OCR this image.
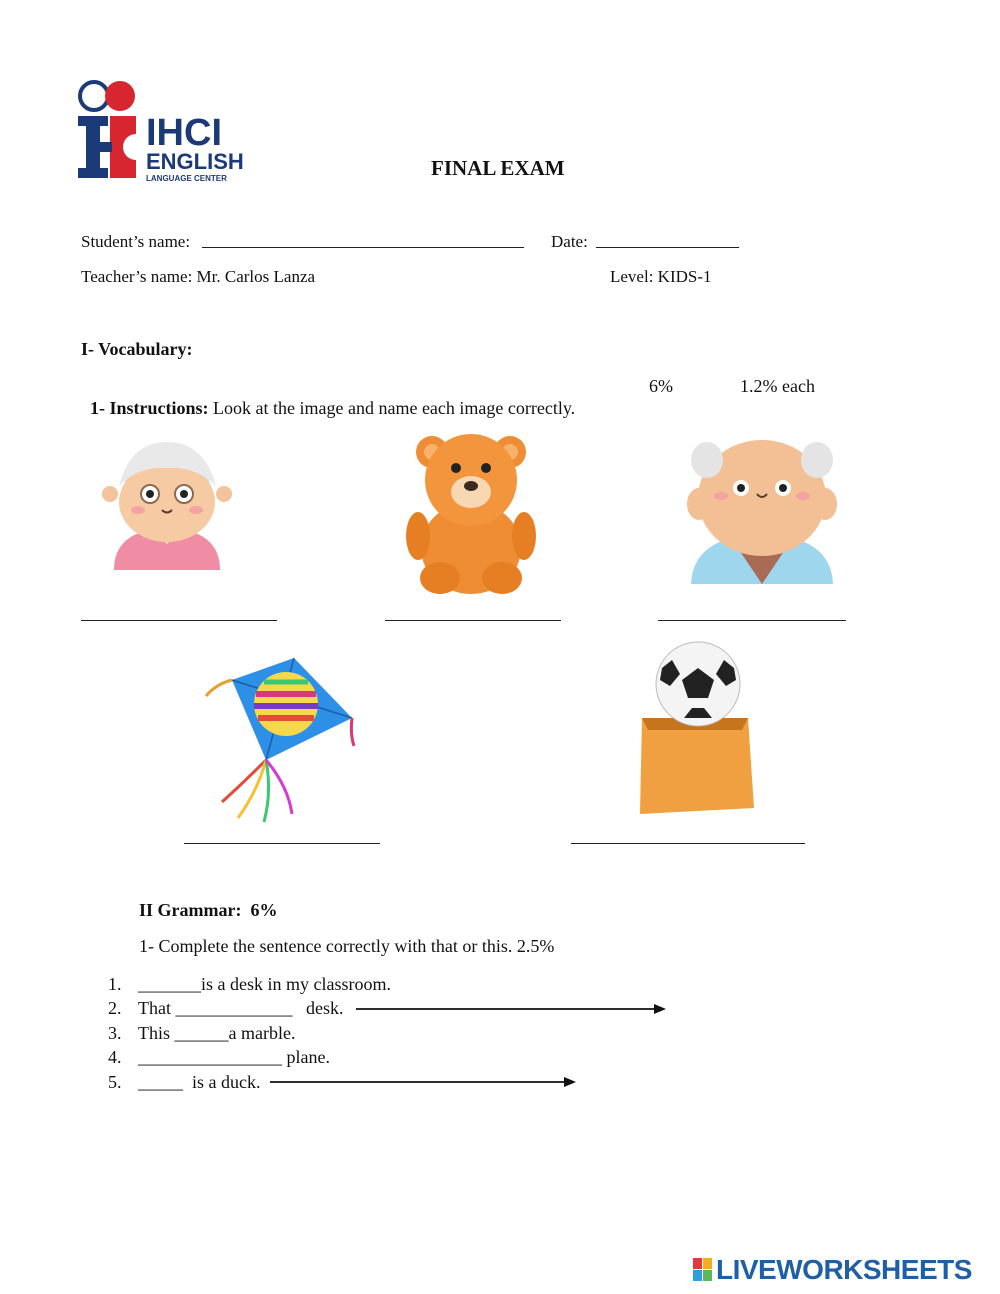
IHCI
ENGLISH
LANGUAGE CENTER	FINAL EXAM
Student’s name:	Date:
Teacher’s name: Mr. Carlos Lanza	Level: KIDS-1
I- Vocabulary:

1- Instructions: Look at the image and name each image correctly.

6%	1.2% each
II Grammar:  6%
1- Complete the sentence correctly with that or this. 2.5%
1. _______is a desk in my classroom.
2. That _____________   desk.
3. This ______a marble.
4. ________________ plane.
5. _____  is a duck.
LIVEWORKSHEETS
